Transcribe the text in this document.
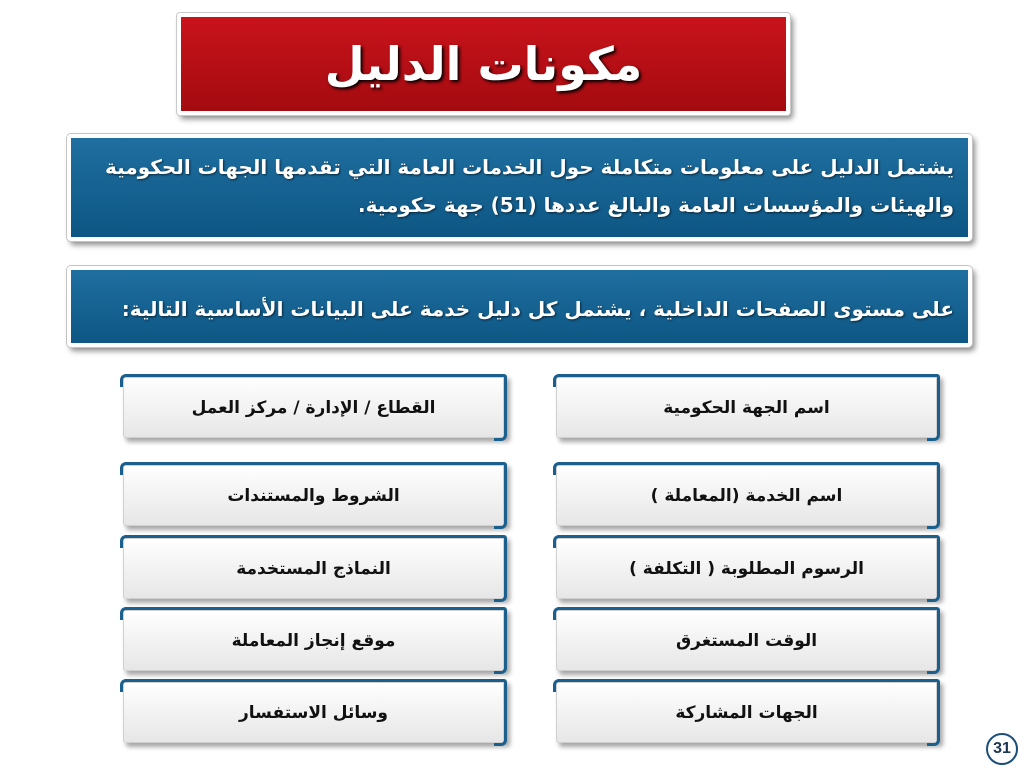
مكونات الدليل
يشتمل الدليل على معلومات متكاملة حول الخدمات العامة التي تقدمها الجهات الحكومية
والهيئات والمؤسسات العامة والبالغ عددها (51) جهة حكومية.
على مستوى الصفحات الداخلية ، يشتمل كل دليل خدمة على البيانات الأساسية التالية:
اسم الجهة الحكومية
اسم الخدمة (المعاملة )
الرسوم المطلوبة ( التكلفة )
الوقت المستغرق
الجهات المشاركة
القطاع / الإدارة / مركز العمل
الشروط والمستندات
النماذج المستخدمة
موقع إنجاز المعاملة
وسائل الاستفسار
31
